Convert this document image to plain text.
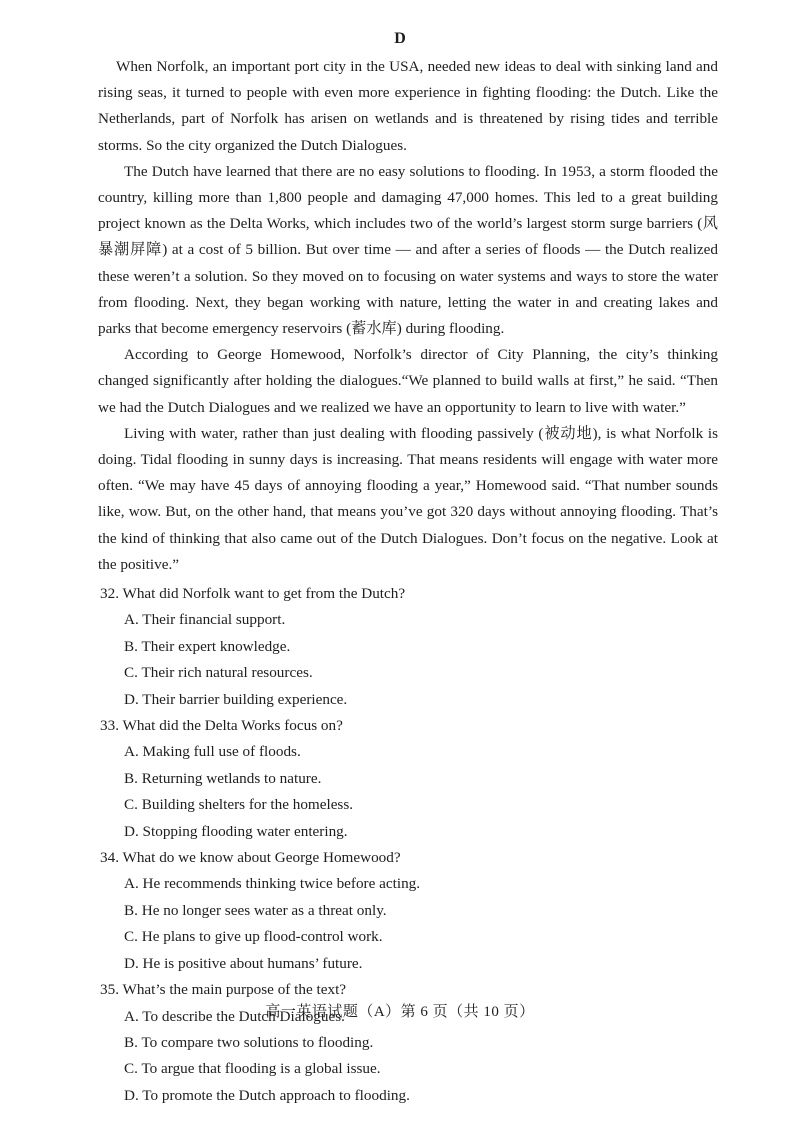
D

When Norfolk, an important port city in the USA, needed new ideas to deal with sinking land and rising seas, it turned to people with even more experience in fighting flooding: the Dutch. Like the Netherlands, part of Norfolk has arisen on wetlands and is threatened by rising tides and terrible storms. So the city organized the Dutch Dialogues.

The Dutch have learned that there are no easy solutions to flooding. In 1953, a storm flooded the country, killing more than 1,800 people and damaging 47,000 homes. This led to a great building project known as the Delta Works, which includes two of the world’s largest storm surge barriers (风暴潮屏障) at a cost of 5 billion. But over time — and after a series of floods — the Dutch realized these weren’t a solution. So they moved on to focusing on water systems and ways to store the water from flooding. Next, they began working with nature, letting the water in and creating lakes and parks that become emergency reservoirs (蓄水库) during flooding.

According to George Homewood, Norfolk’s director of City Planning, the city’s thinking changed significantly after holding the dialogues.“We planned to build walls at first,” he said. “Then we had the Dutch Dialogues and we realized we have an opportunity to learn to live with water.”

Living with water, rather than just dealing with flooding passively (被动地), is what Norfolk is doing. Tidal flooding in sunny days is increasing. That means residents will engage with water more often. “We may have 45 days of annoying flooding a year,” Homewood said. “That number sounds like, wow. But, on the other hand, that means you’ve got 320 days without annoying flooding. That’s the kind of thinking that also came out of the Dutch Dialogues. Don’t focus on the negative. Look at the positive.”

32. What did Norfolk want to get from the Dutch?
A. Their financial support.
B. Their expert knowledge.
C. Their rich natural resources.
D. Their barrier building experience.
33. What did the Delta Works focus on?
A. Making full use of floods.
B. Returning wetlands to nature.
C. Building shelters for the homeless.
D. Stopping flooding water entering.
34. What do we know about George Homewood?
A. He recommends thinking twice before acting.
B. He no longer sees water as a threat only.
C. He plans to give up flood-control work.
D. He is positive about humans’ future.
35. What’s the main purpose of the text?
A. To describe the Dutch Dialogues.
B. To compare two solutions to flooding.
C. To argue that flooding is a global issue.
D. To promote the Dutch approach to flooding.
高一英语试题（A）第 6 页（共 10 页）
